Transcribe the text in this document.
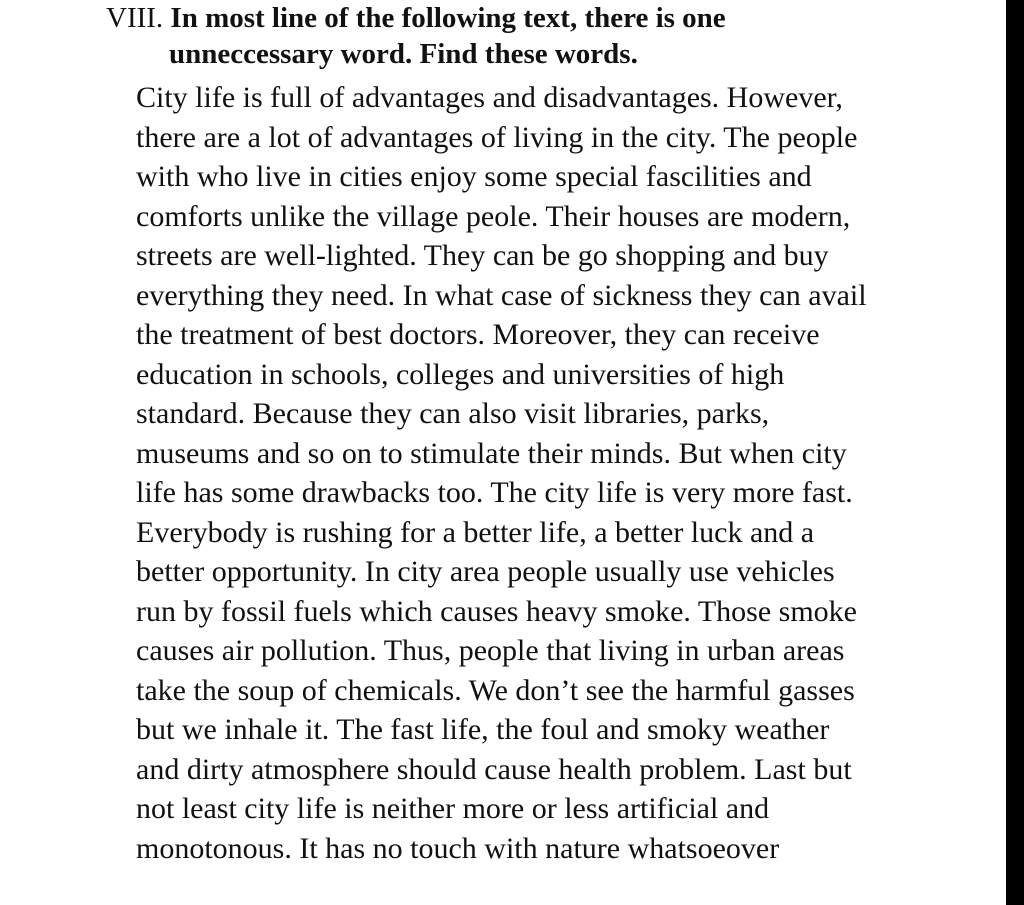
VIII. In most line of the following text, there is one
unneccessary word. Find these words.
City life is full of advantages and disadvantages. However,
there are a lot of advantages of living in the city. The people
with who live in cities enjoy some special fascilities and
comforts unlike the village peole. Their houses are modern,
streets are well-lighted. They can be go shopping and buy
everything they need. In what case of sickness they can avail
the treatment of best doctors. Moreover, they can receive
education in schools, colleges and universities of high
standard. Because they can also visit libraries, parks,
museums and so on to stimulate their minds. But when city
life has some drawbacks too. The city life is very more fast.
Everybody is rushing for a better life, a better luck and a
better opportunity. In city area people usually use vehicles
run by fossil fuels which causes heavy smoke. Those smoke
causes air pollution. Thus, people that living in urban areas
take the soup of chemicals. We don’t see the harmful gasses
but we inhale it. The fast life, the foul and smoky weather
and dirty atmosphere should cause health problem. Last but
not least city life is neither more or less artificial and
monotonous. It has no touch with nature whatsoeover
